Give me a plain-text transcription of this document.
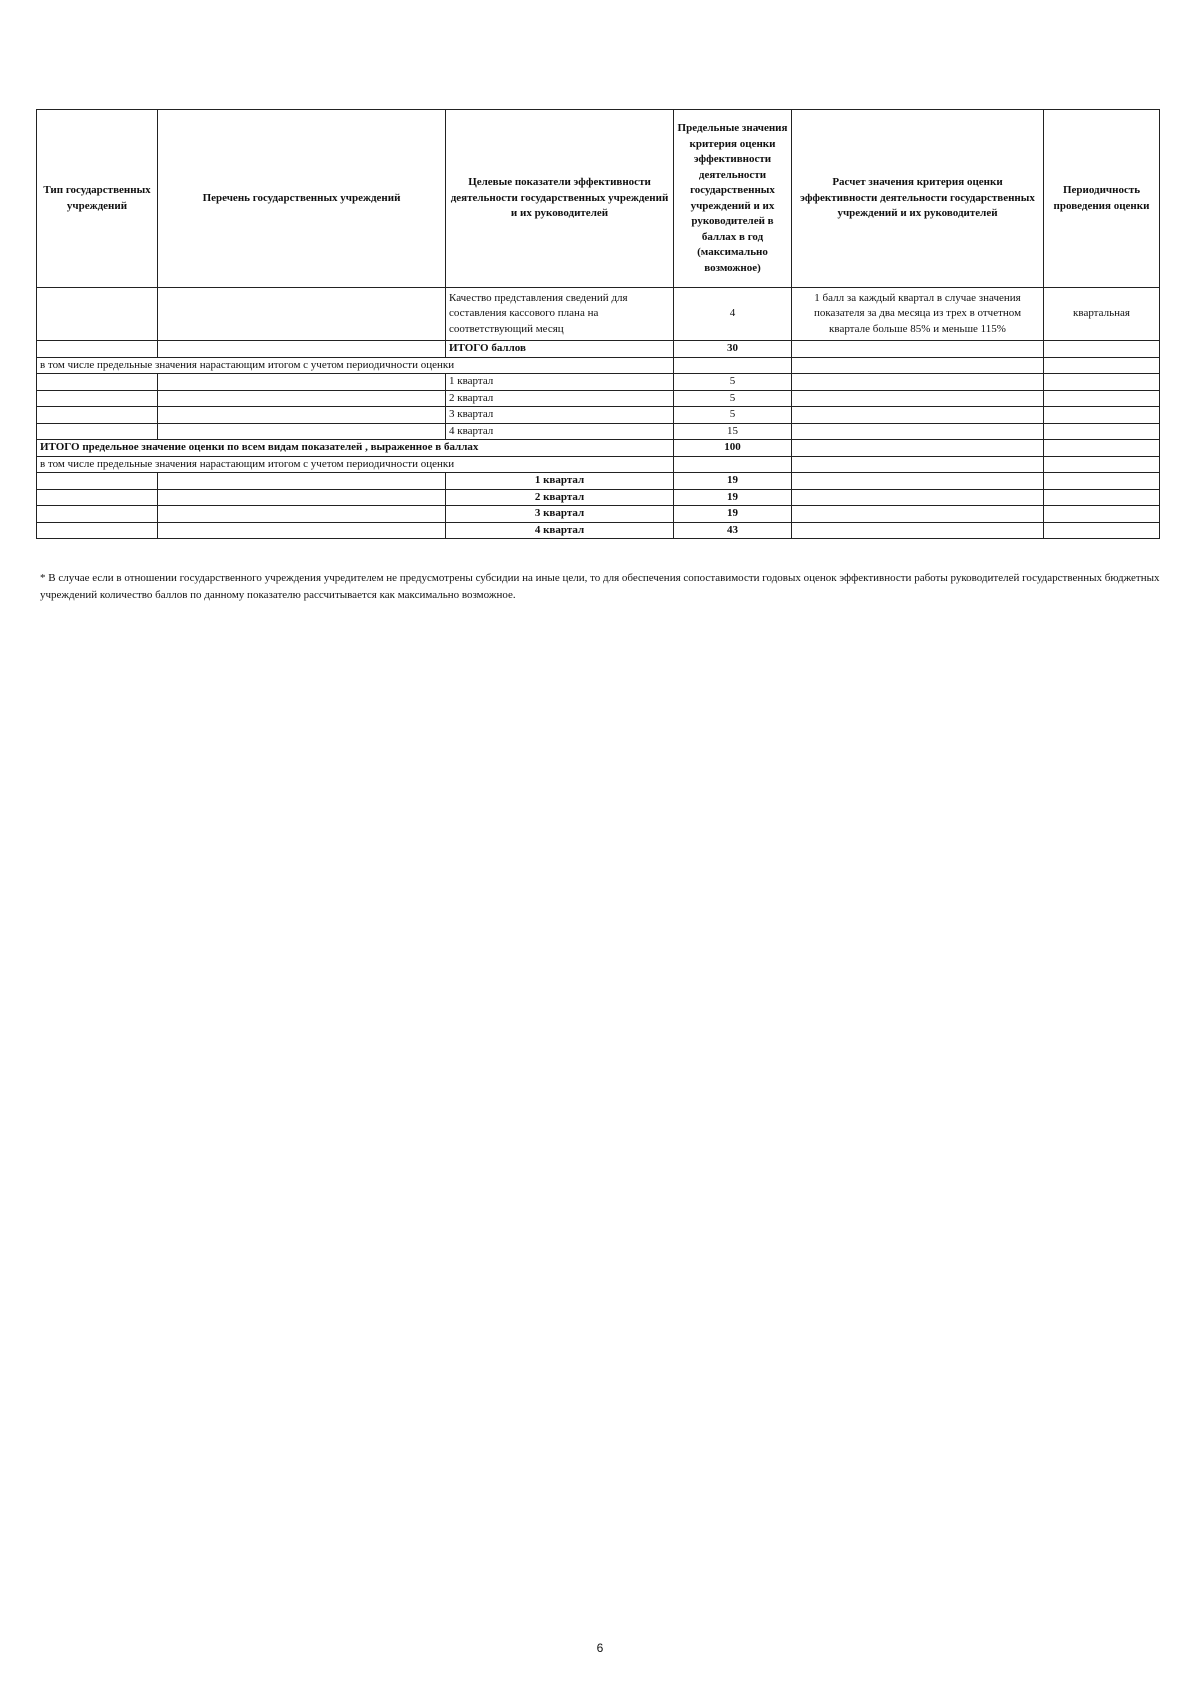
Тип государственных учреждений	Перечень государственных учреждений	Целевые показатели эффективности деятельности государственных учреждений и их руководителей	Предельные значения критерия оценки эффективности деятельности государственных учреждений и их руководителей в баллах в год (максимально возможное)	Расчет значения критерия оценки эффективности деятельности государственных учреждений и их руководителей	Периодичность проведения оценки
		Качество представления сведений для составления кассового плана на соответствующий месяц	4	1 балл за каждый квартал в случае значения показателя за два месяца из трех в отчетном квартале больше 85% и меньше 115%	квартальная
		ИТОГО баллов	30		
в том числе предельные значения нарастающим итогом с учетом периодичности оценки					
		1 квартал	5		
		2 квартал	5		
		3 квартал	5		
		4 квартал	15		
ИТОГО предельное значение оценки по всем видам показателей , выраженное в баллах			100		
в том числе предельные значения нарастающим итогом с учетом периодичности оценки					
		1 квартал	19		
		2 квартал	19		
		3 квартал	19		
		4 квартал	43		
* В случае если в отношении государственного учреждения учредителем не предусмотрены субсидии на иные цели, то для обеспечения сопоставимости годовых оценок эффективности работы руководителей государственных бюджетных учреждений количество баллов по данному показателю рассчитывается как максимально возможное.
6
